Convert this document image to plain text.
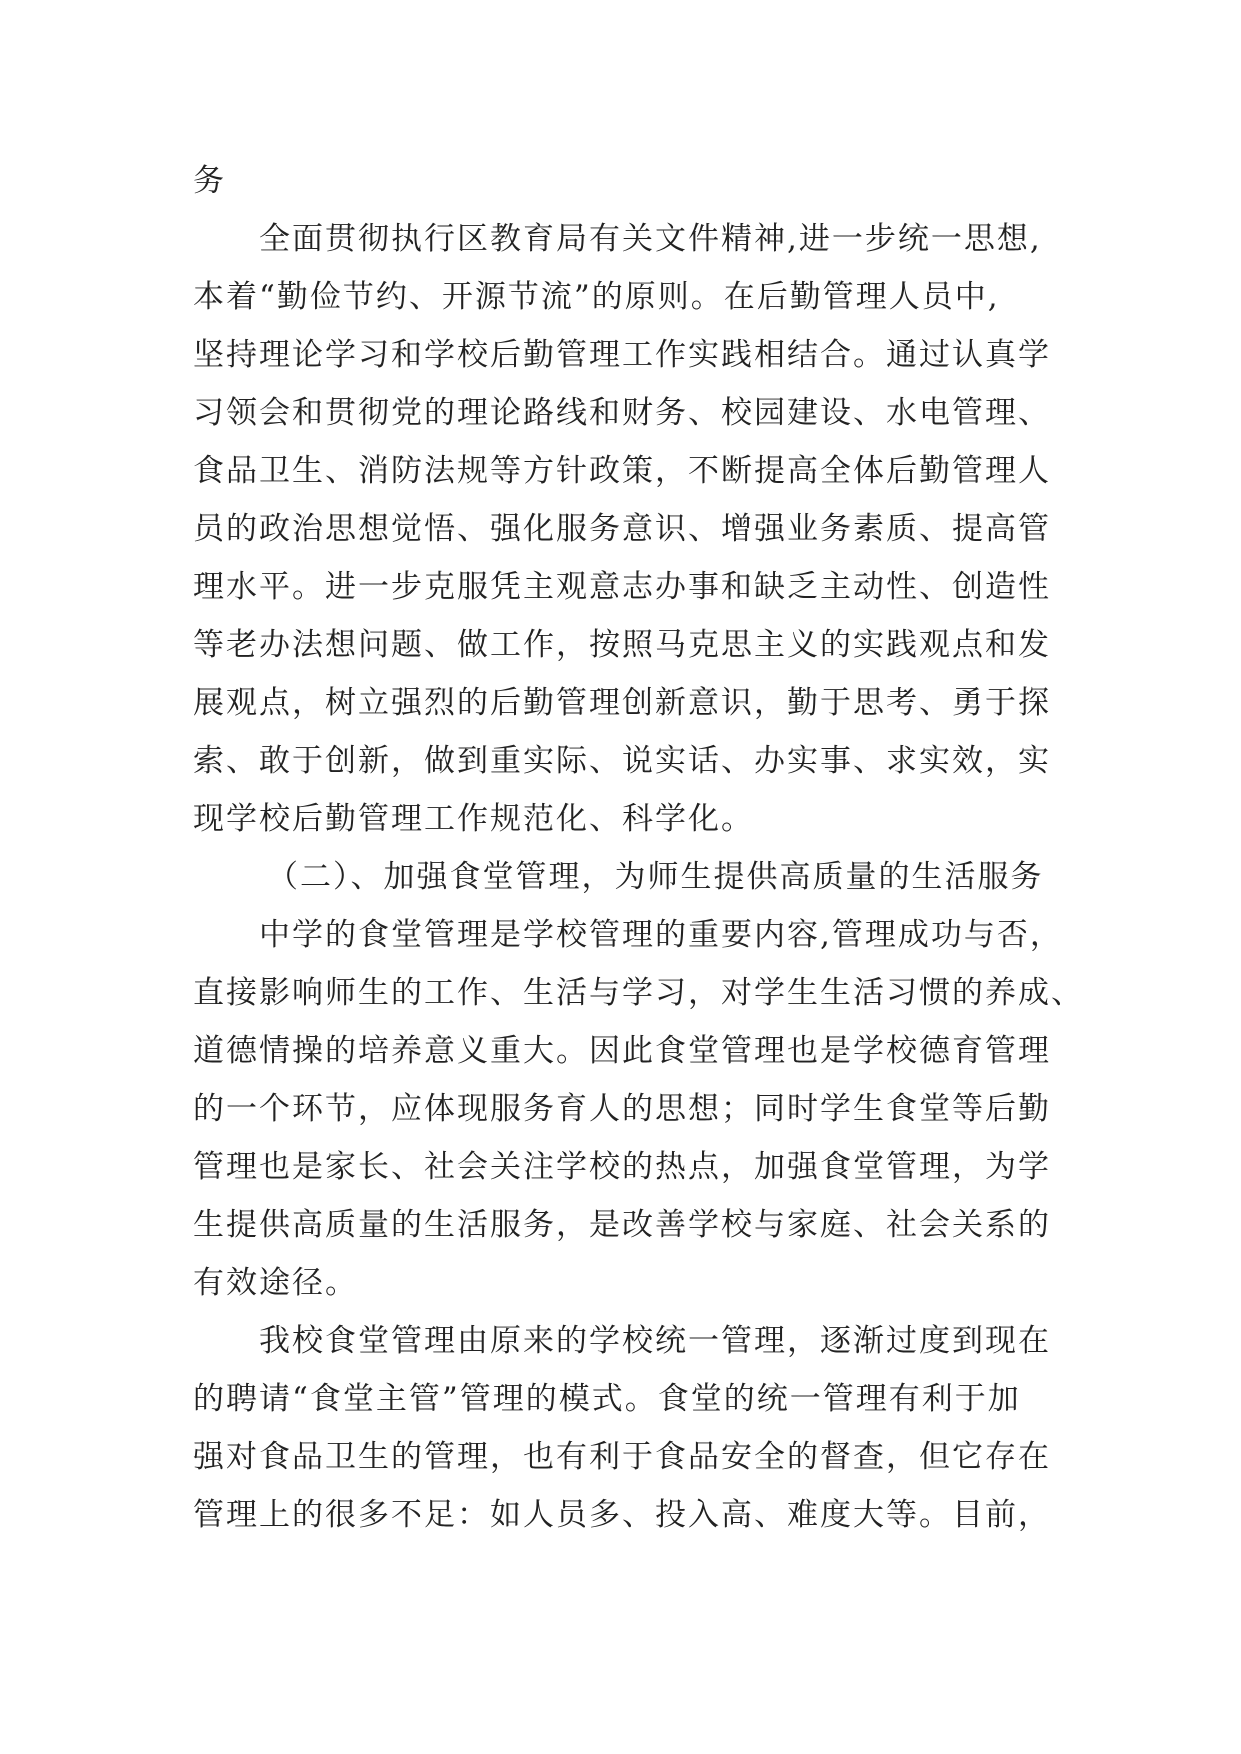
务
全面贯彻执行区教育局有关文件精神,进一步统一思想,
本着“勤俭节约、开源节流”的原则。在后勤管理人员中,
坚持理论学习和学校后勤管理工作实践相结合。通过认真学
习领会和贯彻党的理论路线和财务、校园建设、水电管理、
食品卫生、消防法规等方针政策，不断提高全体后勤管理人
员的政治思想觉悟、强化服务意识、增强业务素质、提高管
理水平。进一步克服凭主观意志办事和缺乏主动性、创造性
等老办法想问题、做工作，按照马克思主义的实践观点和发
展观点，树立强烈的后勤管理创新意识，勤于思考、勇于探
索、敢于创新，做到重实际、说实话、办实事、求实效，实
现学校后勤管理工作规范化、科学化。
（二）、加强食堂管理，为师生提供高质量的生活服务
中学的食堂管理是学校管理的重要内容,管理成功与否，
直接影响师生的工作、生活与学习，对学生生活习惯的养成、
道德情操的培养意义重大。因此食堂管理也是学校德育管理
的一个环节，应体现服务育人的思想；同时学生食堂等后勤
管理也是家长、社会关注学校的热点，加强食堂管理，为学
生提供高质量的生活服务，是改善学校与家庭、社会关系的
有效途径。
我校食堂管理由原来的学校统一管理，逐渐过度到现在
的聘请“食堂主管”管理的模式。食堂的统一管理有利于加
强对食品卫生的管理，也有利于食品安全的督查，但它存在
管理上的很多不足：如人员多、投入高、难度大等。目前，
